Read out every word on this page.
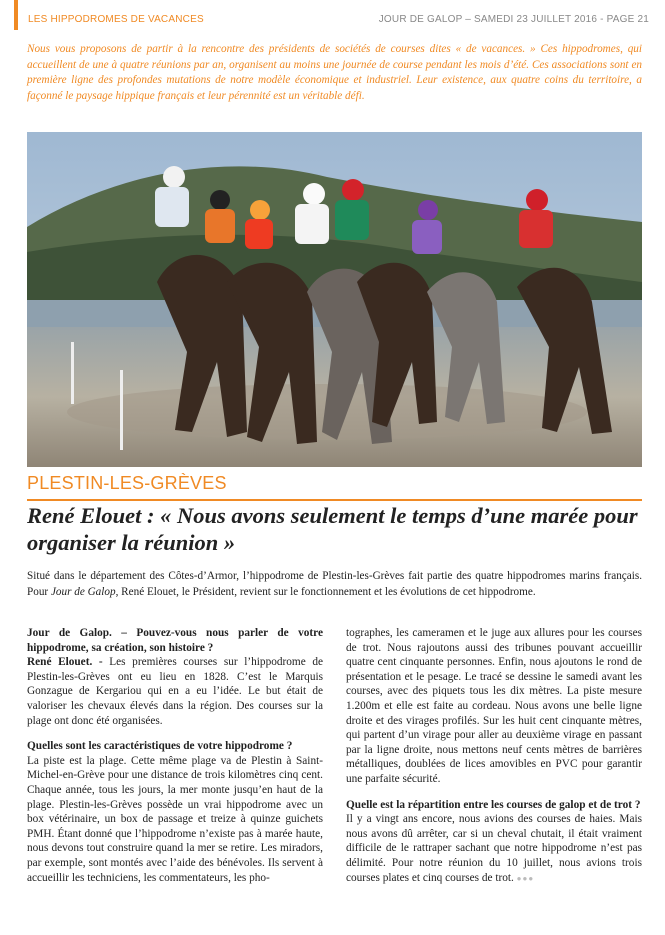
LES HIPPODROMES DE VACANCES	JOUR DE GALOP – SAMEDI 23 JUILLET 2016 - PAGE 21

Nous vous proposons de partir à la rencontre des présidents de sociétés de courses dites « de vacances. » Ces hippodromes, qui accueillent de une à quatre réunions par an, organisent au moins une journée de course pendant les mois d’été. Ces associations sont en première ligne des profondes mutations de notre modèle économique et industriel. Leur existence, aux quatre coins du territoire, a façonné le paysage hippique français et leur pérennité est un véritable défi.

PLESTIN-LES-GRÈVES
René Elouet : « Nous avons seulement le temps d’une marée pour organiser la réunion »

Situé dans le département des Côtes-d’Armor, l’hippodrome de Plestin-les-Grèves fait partie des quatre hippodromes marins français. Pour Jour de Galop, René Elouet, le Président, revient sur le fonctionnement et les évolutions de cet hippodrome.

Jour de Galop. – Pouvez-vous nous parler de votre hippodrome, sa création, son histoire ?

René Elouet. - Les premières courses sur l’hippodrome de Plestin-les-Grèves ont eu lieu en 1828. C’est le Marquis Gonzague de Kergariou qui en a eu l’idée. Le but était de valoriser les chevaux élevés dans la région. Des courses sur la plage ont donc été organisées.

Quelles sont les caractéristiques de votre hippodrome ?

La piste est la plage. Cette même plage va de Plestin à Saint-Michel-en-Grève pour une distance de trois kilomètres cinq cent. Chaque année, tous les jours, la mer monte jusqu’en haut de la plage. Plestin-les-Grèves possède un vrai hippodrome avec un box vétérinaire, un box de passage et treize à quinze guichets PMH. Étant donné que l’hippodrome n’existe pas à marée haute, nous devons tout construire quand la mer se retire. Les miradors, par exemple, sont montés avec l’aide des bénévoles. Ils servent à accueillir les techniciens, les commentateurs, les pho-

tographes, les cameramen et le juge aux allures pour les courses de trot. Nous rajoutons aussi des tribunes pouvant accueillir quatre cent cinquante personnes. Enfin, nous ajoutons le rond de présentation et le pesage. Le tracé se dessine le samedi avant les courses, avec des piquets tous les dix mètres. La piste mesure 1.200m et elle est faite au cordeau. Nous avons une belle ligne droite et des virages profilés. Sur les huit cent cinquante mètres, qui partent d’un virage pour aller au deuxième virage en passant par la ligne droite, nous mettons neuf cents mètres de barrières métalliques, doublées de lices amovibles en PVC pour garantir une parfaite sécurité.

Quelle est la répartition entre les courses de galop et de trot ?

Il y a vingt ans encore, nous avions des courses de haies. Mais nous avons dû arrêter, car si un cheval chutait, il était vraiment difficile de le rattraper sachant que notre hippodrome n’est pas délimité. Pour notre réunion du 10 juillet, nous avions trois courses plates et cinq courses de trot. ●●●
